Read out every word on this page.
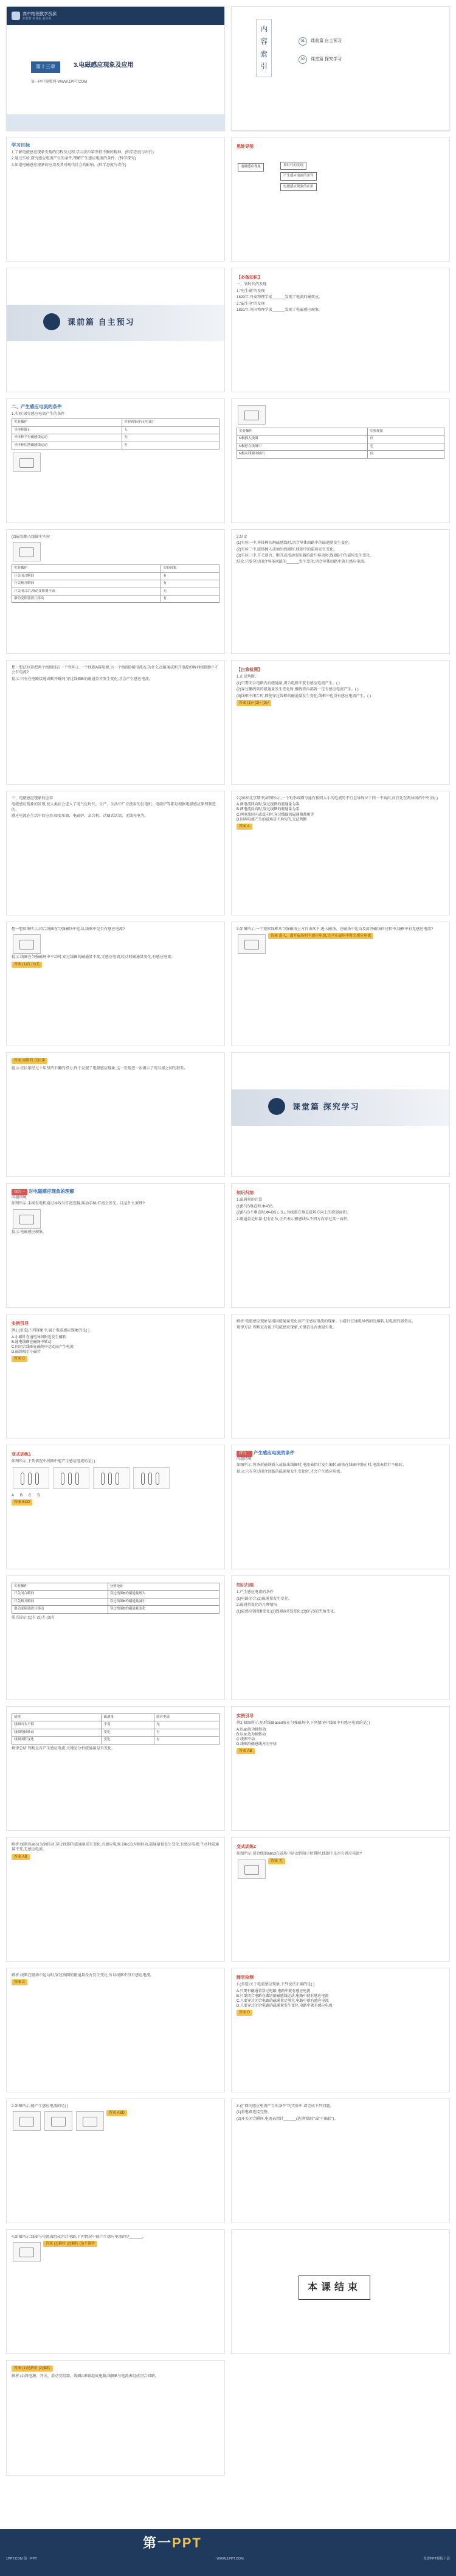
高中物理教学资源
新教材 新课标 新高考
第十三章	3.电磁感应现象及应用
第一PPT模板网-WWW.1PPT.COM
内
容
索
引
01	课前篇 自主预习
02	课堂篇 探究学习
学习目标
1.了解电磁感应现象发现的历程及过程,学习法拉第坚持不懈的精神。(科学态度与责任)
2.通过实验,探究感应电流产生的条件,理解产生感应电流的条件。(科学探究)
3.知道电磁感应现象的应用及其对现代社会的影响。(科学态度与责任)
思维导图
电磁感应现象	划时代的发现
产生感应电流的条件
电磁感应现象的应用
课前篇 自主预习
【必备知识】
一、划时代的发现
1."电生磁"的发现
1820年,丹麦物理学家______发现了电流的磁效应。
2."磁生电"的发现
1831年,英国物理学家______发现了电磁感应现象。
二、产生感应电流的条件
1.实验:探究感应电流产生的条件
实验操作	实验现象(有无电流)
导体棒静止	无
导体棒平行磁感线运动	无
导体棒切割磁感线运动	有
实验操作	实验现象
N极插入线圈	有
N极停在线圈中	无
N极从线圈中抽出	有
(2)磁铁插入线圈中实验
实验操作	实验现象
开关闭合瞬间	有
开关断开瞬间	有
开关闭合后,滑动变阻器不动	无
滑动变阻器滑片移动	有
2.结论
(1)实验一中,导体棒切割磁感线时,闭合导体回路中的磁通量发生变化。
(2)实验二中,磁体插入或抽出线圈时,线圈中的磁场发生变化。
(3)实验三中,开关闭合、断开或滑动变阻器的滑片移动时,线圈B中的磁场发生变化。
结论:只要穿过闭合导体回路的______发生变化,闭合导体回路中就有感应电流。
想一想法拉第把两个线圈绕在一个铁环上,一个线圈A接电源,另一个线圈B接电流表,为什么在接通或断开电源的瞬间线圈B中才会有电流?
提示:只有在电路接通或断开瞬间,穿过线圈B的磁通量才发生变化,才会产生感应电流。
【自我检测】
1.正误判断。
(1)只要闭合电路内有磁通量,闭合电路中就有感应电流产生。( )
(2)穿过螺线管的磁通量发生变化时,螺线管内部就一定有感应电流产生。( )
(3)线框不闭合时,即使穿过线框的磁通量发生变化,线框中也没有感应电流产生。( )
答案 (1)× (2)× (3)√
三、电磁感应现象的应用
电磁感应现象的发现,使人类社会进入了电气化时代。生产、生活中广泛使用的发电机、电磁炉等都是根据电磁感应原理制造的。
感应电流在生活中的应用:如变压器、电磁炉、录音机、动圈式话筒、无线充电等。
2.(2020北京期中)如图所示,一个矩形线圈与通有相同大小的电流的平行直导线位于同一平面内,而且处在两导线的中央,则( )
A.两电流同向时,穿过线圈的磁通量为零
B.两电流反向时,穿过线圈的磁通量为零
C.两电流同向或反向时,穿过线圈的磁通量都相等
D.因两电流产生的磁场是不均匀的,无法判断
答案 A
想一想如图所示,闭合线圈在匀强磁场中运动,线圈中是否有感应电流?
提示:线圈在匀强磁场中平动时,穿过线圈的磁通量不变,无感应电流;转动时磁通量变化,有感应电流。
答案 (1)有 (2)无
3.如图所示,一个矩形线框从匀强磁场上方自由落下,进入磁场、在磁场中运动及离开磁场的过程中,线框中有无感应电流?
答案 进入、离开磁场时有感应电流,完全在磁场中时无感应电流
答案 奥斯特 法拉第
提示:法拉第经过十年坚持不懈的努力,终于发现了电磁感应现象,这一发现进一步揭示了电与磁之间的联系。
课堂篇 探究学习
探究一 对电磁感应现象的理解
问题情境
如图所示,手摇发电机通过导线与灯泡连接,摇动手柄,灯泡会发光。这是什么原理?
提示:电磁感应现象。
知识归纳
1.磁通量的计算
(1)B与S垂直时,Φ=BS。
(2)B与S不垂直时,Φ=BS⊥,S⊥为线圈在垂直磁场方向上的投影面积。
2.磁通量是标量,但有正负,正负表示磁感线从不同方向穿过某一面积。
实例引导
例1 (多选)下列现象中,属于电磁感应现象的是( )
A.小磁针在通电导线附近发生偏转
B.通电线圈在磁场中转动
C.因闭合线圈在磁场中运动而产生电流
D.磁铁吸引小磁针
答案 C
解析:电磁感应现象是指因磁通量变化而产生感应电流的现象。小磁针在通电导线附近偏转,是电流的磁效应。
规律方法 判断是否属于电磁感应现象,关键看是否由磁生电。
变式训练1
如图所示,下列情况中线圈中能产生感应电流的是( )

A B C D
答案 BCD
探究二 产生感应电流的条件
问题情境
如图所示,将条形磁铁插入或拔出线圈时,电流表指针发生偏转,磁铁在线圈中静止时,电流表指针不偏转。
提示:只有穿过闭合回路的磁通量发生变化时,才会产生感应电流。
实验操作	分析论证
开关闭合瞬间	穿过线圈B的磁通量增大
开关断开瞬间	穿过线圈B的磁通量减小
滑动变阻器滑片移动	穿过线圈B的磁通量变化
要点提示:(1)有 (2)无 (3)有
知识归纳
1.产生感应电流的条件
(1)电路闭合;(2)磁通量发生变化。
2.磁通量变化的几种情况
(1)磁感应强度B变化;(2)线圈面积S变化;(3)B与S的夹角变化。
情境	磁通量	感应电流
线圈向右平移	不变	无
线圈绕轴转动	变化	有
线圈面积变化	变化	有
规律总结 判断是否产生感应电流,关键是分析磁通量是否变化。
实例引导
例2 如图所示,矩形线圈abcd放在匀强磁场中,下列情况中线圈中有感应电流的是( )
A.以ab边为轴转动
B.以bc边为轴转动
C.线圈平动
D.线圈沿磁感线方向平移
答案 AB
解析:线圈以ab边为轴转动,穿过线圈的磁通量发生变化,有感应电流;以bc边为轴转动,磁通量也发生变化,有感应电流;平动时磁通量不变,无感应电流。
答案 AB
变式训练2
如图所示,闭合线圈abcd在磁场中运动到图示位置时,线圈中是否有感应电流?
答案 无
解析:线圈在磁场中运动时,穿过线圈的磁通量没有发生变化,所以线圈中没有感应电流。
答案 C
随堂检测
1.(多选)关于电磁感应现象,下列说法正确的是( )
A.只要有磁通量穿过电路,电路中就有感应电流
B.只要闭合电路在做切割磁感线运动,电路中就有感应电流
C.只要穿过闭合电路的磁通量足够大,电路中就有感应电流
D.只要穿过闭合电路的磁通量发生变化,电路中就有感应电流
答案 D
2.如图所示,能产生感应电流的是( )
答案 ABD
3.在"探究感应电流产生的条件"的实验中,请完成下列问题。
(1)将电路连接完整。
(2)开关闭合瞬间,电流表指针______(选填"偏转"或"不偏转")。
4.如图所示,线圈与电流表组成闭合电路,下列情况中能产生感应电流的是______。
答案 (1)偏转 (2)偏转 (3)不偏转
本课结束
答案 (1)见解析 (2)偏转
解析:(1)将电源、开关、滑动变阻器、线圈A串联组成电路,线圈B与电流表组成闭合回路。
第一PPT
1PPT.COM 第一PPT	WWW.1PPT.COM	免费PPT模板下载
